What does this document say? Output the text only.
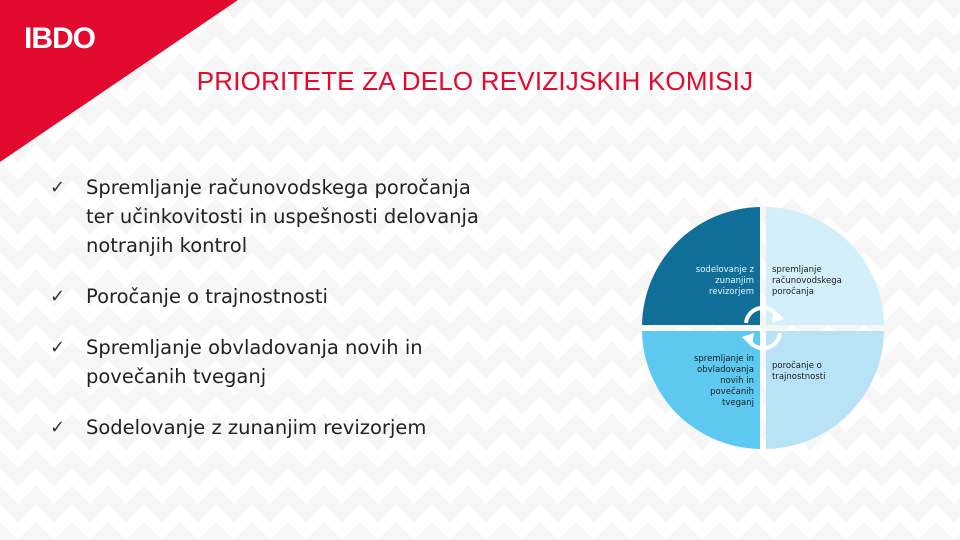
IBDO
PRIORITETE ZA DELO REVIZIJSKIH KOMISIJ
✓ Spremljanje računovodskega poročanja
ter učinkovitosti in uspešnosti delovanja
notranjih kontrol
✓ Poročanje o trajnostnosti
✓ Spremljanje obvladovanja novih in
povečanih tveganj
✓ Sodelovanje z zunanjim revizorjem
sodelovanje z
zunanjim
revizorjem
spremljanje
računovodskega
poročanja
spremljanje in
obvladovanja
novih in
povečanih
tveganj
poročanje o
trajnostnosti
